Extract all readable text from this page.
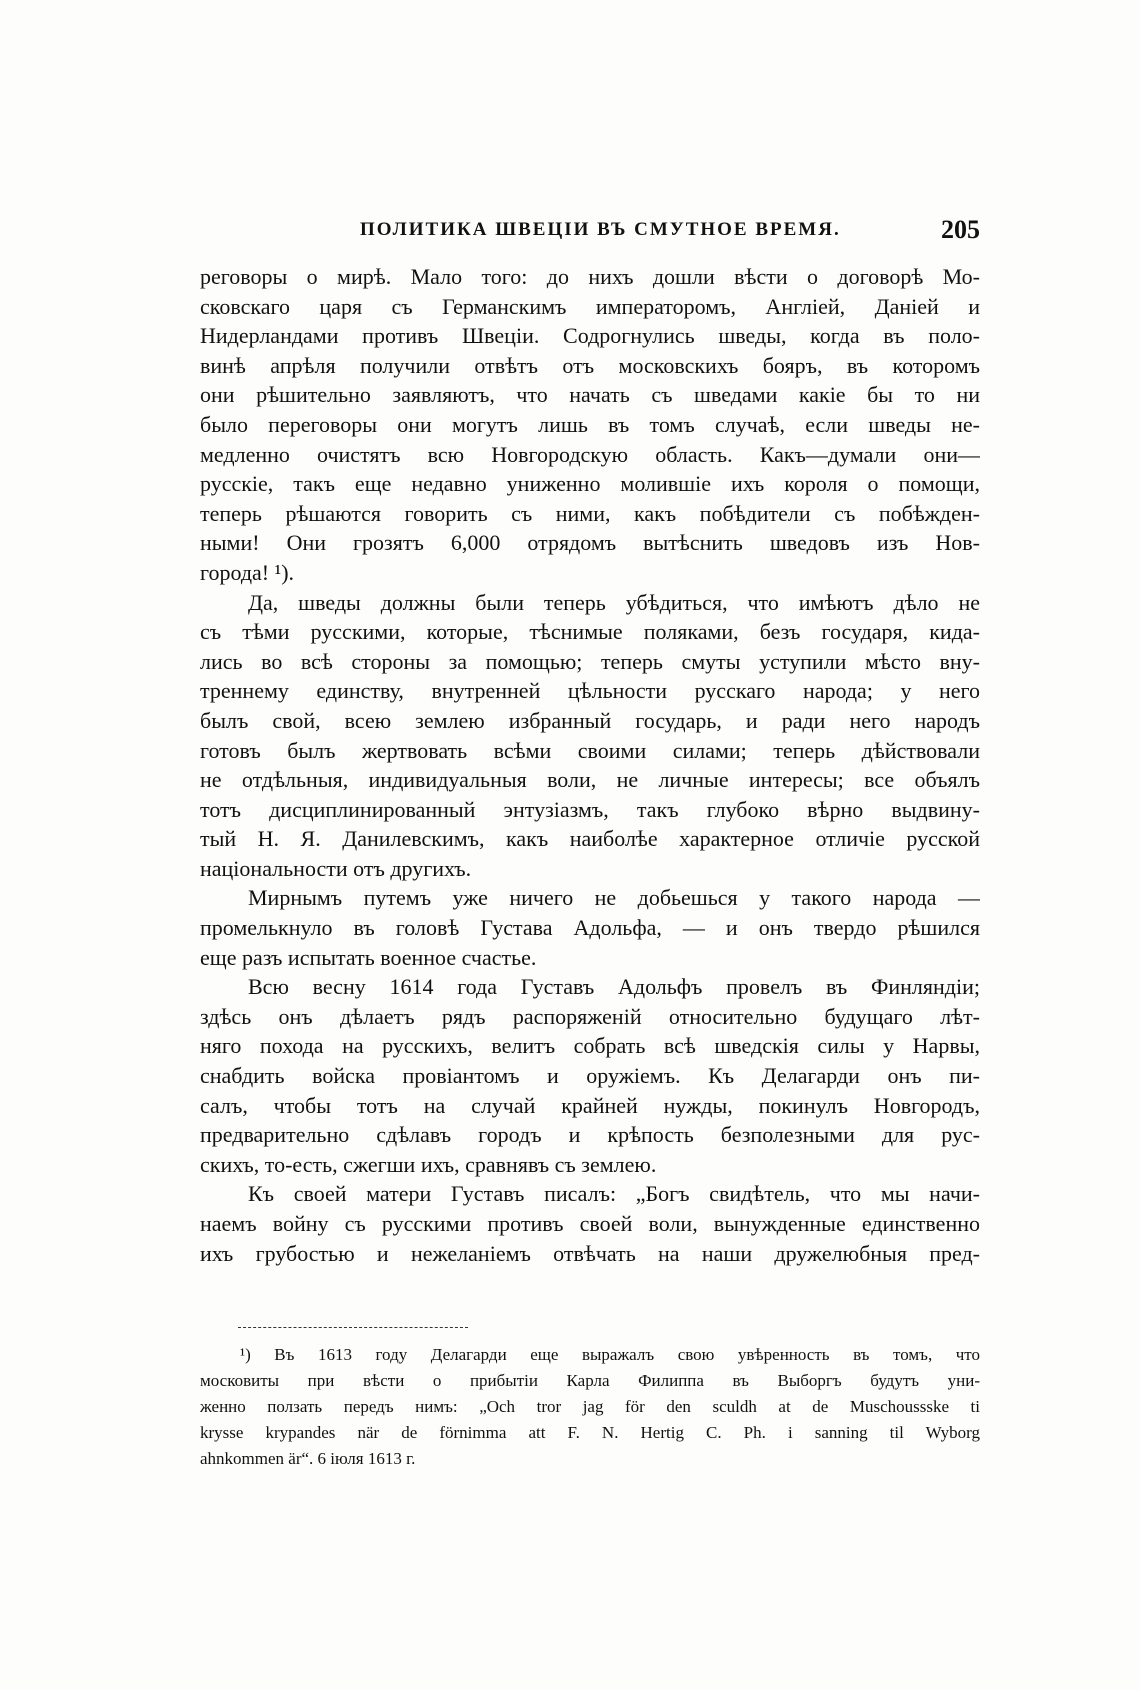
ПОЛИТИКА ШВЕЦІИ ВЪ СМУТНОЕ ВРЕМЯ.	205
реговоры о мирѣ. Мало того: до нихъ дошли вѣсти о договорѣ Мо-
сковскаго царя съ Германскимъ императоромъ, Англіей, Даніей и
Нидерландами противъ Швеціи. Содрогнулись шведы, когда въ поло-
винѣ апрѣля получили отвѣтъ отъ московскихъ бояръ, въ которомъ
они рѣшительно заявляютъ, что начать съ шведами какіе бы то ни
было переговоры они могутъ лишь въ томъ случаѣ, если шведы не-
медленно очистятъ всю Новгородскую область. Какъ—думали они—
русскіе, такъ еще недавно униженно молившіе ихъ короля о помощи,
теперь рѣшаются говорить съ ними, какъ побѣдители съ побѣжден-
ными! Они грозятъ 6,000 отрядомъ вытѣснить шведовъ изъ Нов-
города! ¹).
Да, шведы должны были теперь убѣдиться, что имѣютъ дѣло не
съ тѣми русскими, которые, тѣснимые поляками, безъ государя, кида-
лись во всѣ стороны за помощью; теперь смуты уступили мѣсто вну-
треннему единству, внутренней цѣльности русскаго народа; у него
былъ свой, всею землею избранный государь, и ради него народъ
готовъ былъ жертвовать всѣми своими силами; теперь дѣйствовали
не отдѣльныя, индивидуальныя воли, не личные интересы; все объялъ
тотъ дисциплинированный энтузіазмъ, такъ глубоко вѣрно выдвину-
тый Н. Я. Данилевскимъ, какъ наиболѣе характерное отличіе русской
національности отъ другихъ.
Мирнымъ путемъ уже ничего не добьешься у такого народа —
промелькнуло въ головѣ Густава Адольфа, — и онъ твердо рѣшился
еще разъ испытать военное счастье.
Всю весну 1614 года Густавъ Адольфъ провелъ въ Финляндіи;
здѣсь онъ дѣлаетъ рядъ распоряженій относительно будущаго лѣт-
няго похода на русскихъ, велитъ собрать всѣ шведскія силы у Нарвы,
снабдить войска провіантомъ и оружіемъ. Къ Делагарди онъ пи-
салъ, чтобы тотъ на случай крайней нужды, покинулъ Новгородъ,
предварительно сдѣлавъ городъ и крѣпость безполезными для рус-
скихъ, то-есть, сжегши ихъ, сравнявъ съ землею.
Къ своей матери Густавъ писалъ: „Богъ свидѣтель, что мы начи-
наемъ войну съ русскими противъ своей воли, вынужденные единственно
ихъ грубостью и нежеланіемъ отвѣчать на наши дружелюбныя пред-
¹) Въ 1613 году Делагарди еще выражалъ свою увѣренность въ томъ, что
московиты при вѣсти о прибытіи Карла Филиппа въ Выборгъ будутъ уни-
женно ползать передъ нимъ: „Och tror jag för den sculdh at de Muschoussske ti
krysse krypandes när de förnimma att F. N. Hertig C. Ph. i sanning til Wyborg
ahnkommen är“. 6 іюля 1613 г.
